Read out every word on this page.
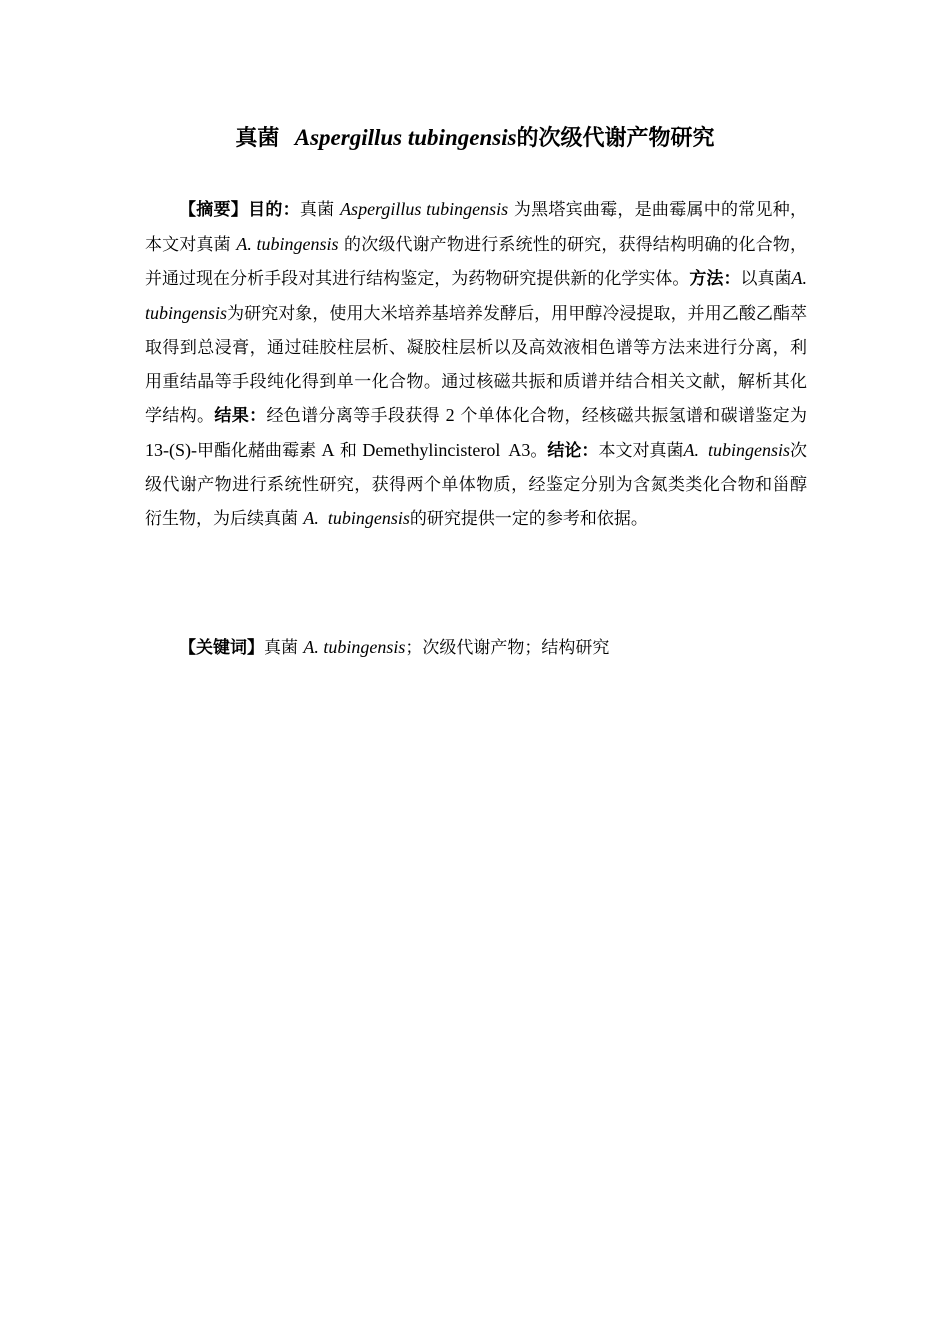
真菌 Aspergillus tubingensis的次级代谢产物研究

【摘要】目的：真菌 Aspergillus tubingensis 为黑塔宾曲霉，是曲霉属中的常见种，本文对真菌 A. tubingensis 的次级代谢产物进行系统性的研究，获得结构明确的化合物，并通过现在分析手段对其进行结构鉴定，为药物研究提供新的化学实体。方法：以真菌A. tubingensis为研究对象，使用大米培养基培养发酵后，用甲醇冷浸提取，并用乙酸乙酯萃取得到总浸膏，通过硅胶柱层析、凝胶柱层析以及高效液相色谱等方法来进行分离，利用重结晶等手段纯化得到单一化合物。通过核磁共振和质谱并结合相关文献，解析其化学结构。结果：经色谱分离等手段获得 2 个单体化合物，经核磁共振氢谱和碳谱鉴定为 13-(S)-甲酯化赭曲霉素 A 和 Demethylincisterol  A3。结论：本文对真菌A.  tubingensis次级代谢产物进行系统性研究，获得两个单体物质，经鉴定分别为含氮类类化合物和甾醇衍生物，为后续真菌 A.  tubingensis的研究提供一定的参考和依据。

【关键词】真菌 A. tubingensis；次级代谢产物；结构研究
